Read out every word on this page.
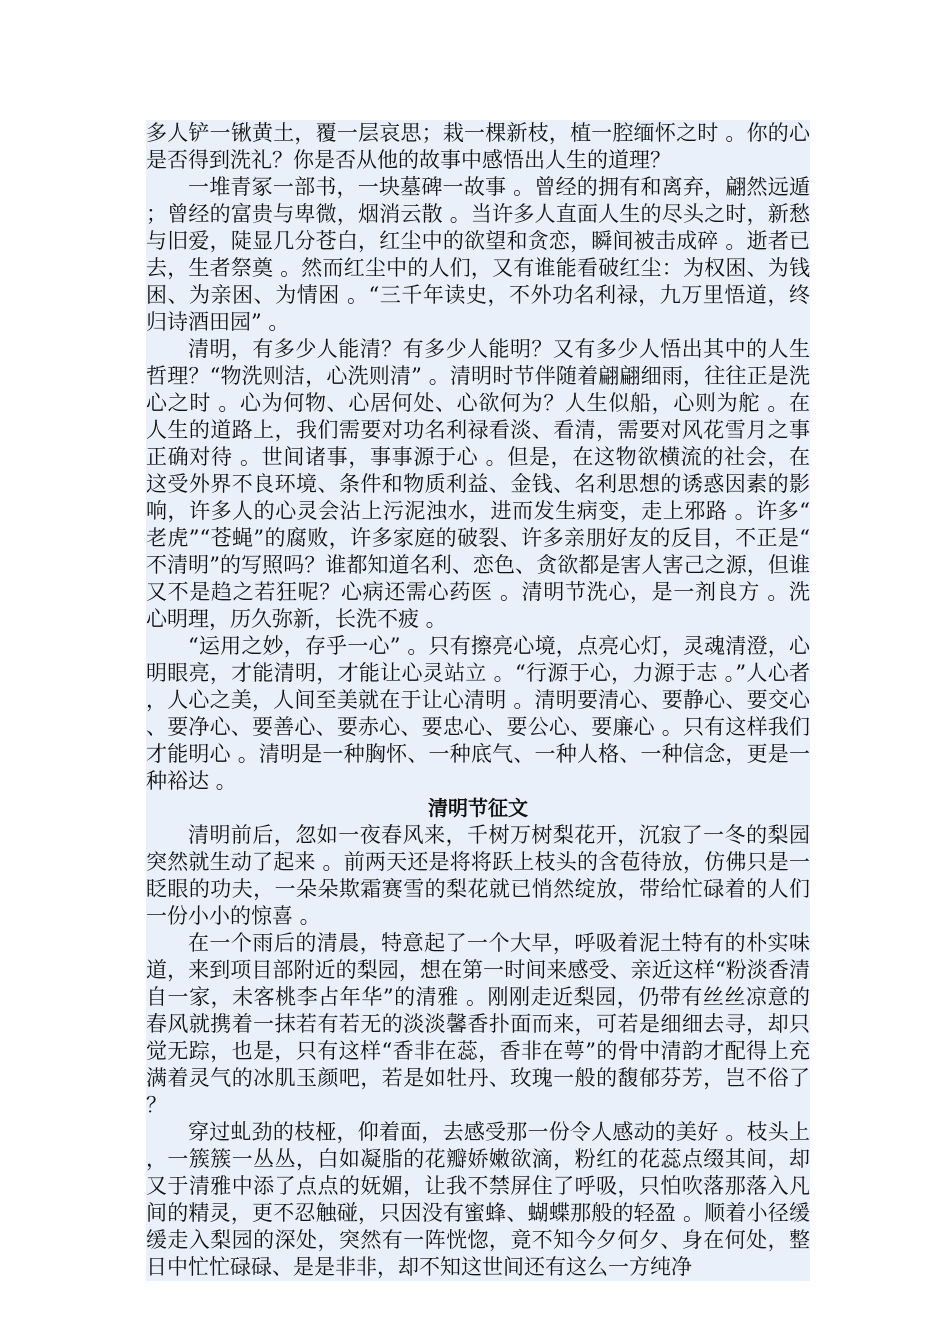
多人铲一锹黄土，覆一层哀思；栽一棵新枝，植一腔缅怀之时 。你的心是否得到洗礼？你是否从他的故事中感悟出人生的道理？

一堆青冢一部书，一块墓碑一故事 。曾经的拥有和离弃，翩然远遁；曾经的富贵与卑微，烟消云散 。当许多人直面人生的尽头之时，新愁与旧爱，陡显几分苍白，红尘中的欲望和贪恋，瞬间被击成碎 。逝者已去，生者祭奠 。然而红尘中的人们，又有谁能看破红尘：为权困、为钱困、为亲困、为情困 。“三千年读史，不外功名利禄，九万里悟道，终归诗酒田园” 。

清明，有多少人能清？有多少人能明？又有多少人悟出其中的人生哲理？“物洗则洁，心洗则清” 。清明时节伴随着翩翩细雨，往往正是洗心之时 。心为何物、心居何处、心欲何为？人生似船，心则为舵 。在人生的道路上，我们需要对功名利禄看淡、看清，需要对风花雪月之事正确对待 。世间诸事，事事源于心 。但是，在这物欲横流的社会，在这受外界不良环境、条件和物质利益、金钱、名利思想的诱惑因素的影响，许多人的心灵会沾上污泥浊水，进而发生病变，走上邪路 。许多“老虎”“苍蝇”的腐败，许多家庭的破裂、许多亲朋好友的反目，不正是“不清明”的写照吗？谁都知道名利、恋色、贪欲都是害人害己之源，但谁又不是趋之若狂呢？心病还需心药医 。清明节洗心，是一剂良方 。洗心明理，历久弥新，长洗不疲 。

“运用之妙，存乎一心” 。只有擦亮心境，点亮心灯，灵魂清澄，心明眼亮，才能清明，才能让心灵站立 。“行源于心，力源于志 。”人心者，人心之美，人间至美就在于让心清明 。清明要清心、要静心、要交心、要净心、要善心、要赤心、要忠心、要公心、要廉心 。只有这样我们才能明心 。清明是一种胸怀、一种底气、一种人格、一种信念，更是一种裕达 。

清明节征文

清明前后，忽如一夜春风来，千树万树梨花开，沉寂了一冬的梨园突然就生动了起来 。前两天还是将将跃上枝头的含苞待放，仿佛只是一眨眼的功夫，一朵朵欺霜赛雪的梨花就已悄然绽放，带给忙碌着的人们一份小小的惊喜 。

在一个雨后的清晨，特意起了一个大早，呼吸着泥土特有的朴实味道，来到项目部附近的梨园，想在第一时间来感受、亲近这样“粉淡香清自一家，未客桃李占年华”的清雅 。刚刚走近梨园，仍带有丝丝凉意的春风就携着一抹若有若无的淡淡馨香扑面而来，可若是细细去寻，却只觉无踪，也是，只有这样“香非在蕊，香非在萼”的骨中清韵才配得上充满着灵气的冰肌玉颜吧，若是如牡丹、玫瑰一般的馥郁芬芳，岂不俗了？

穿过虬劲的枝桠，仰着面，去感受那一份令人感动的美好 。枝头上，一簇簇一丛丛，白如凝脂的花瓣娇嫩欲滴，粉红的花蕊点缀其间，却又于清雅中添了点点的妩媚，让我不禁屏住了呼吸，只怕吹落那落入凡间的精灵，更不忍触碰，只因没有蜜蜂、蝴蝶那般的轻盈 。顺着小径缓缓走入梨园的深处，突然有一阵恍惚，竟不知今夕何夕、身在何处，整日中忙忙碌碌、是是非非，却不知这世间还有这么一方纯净
